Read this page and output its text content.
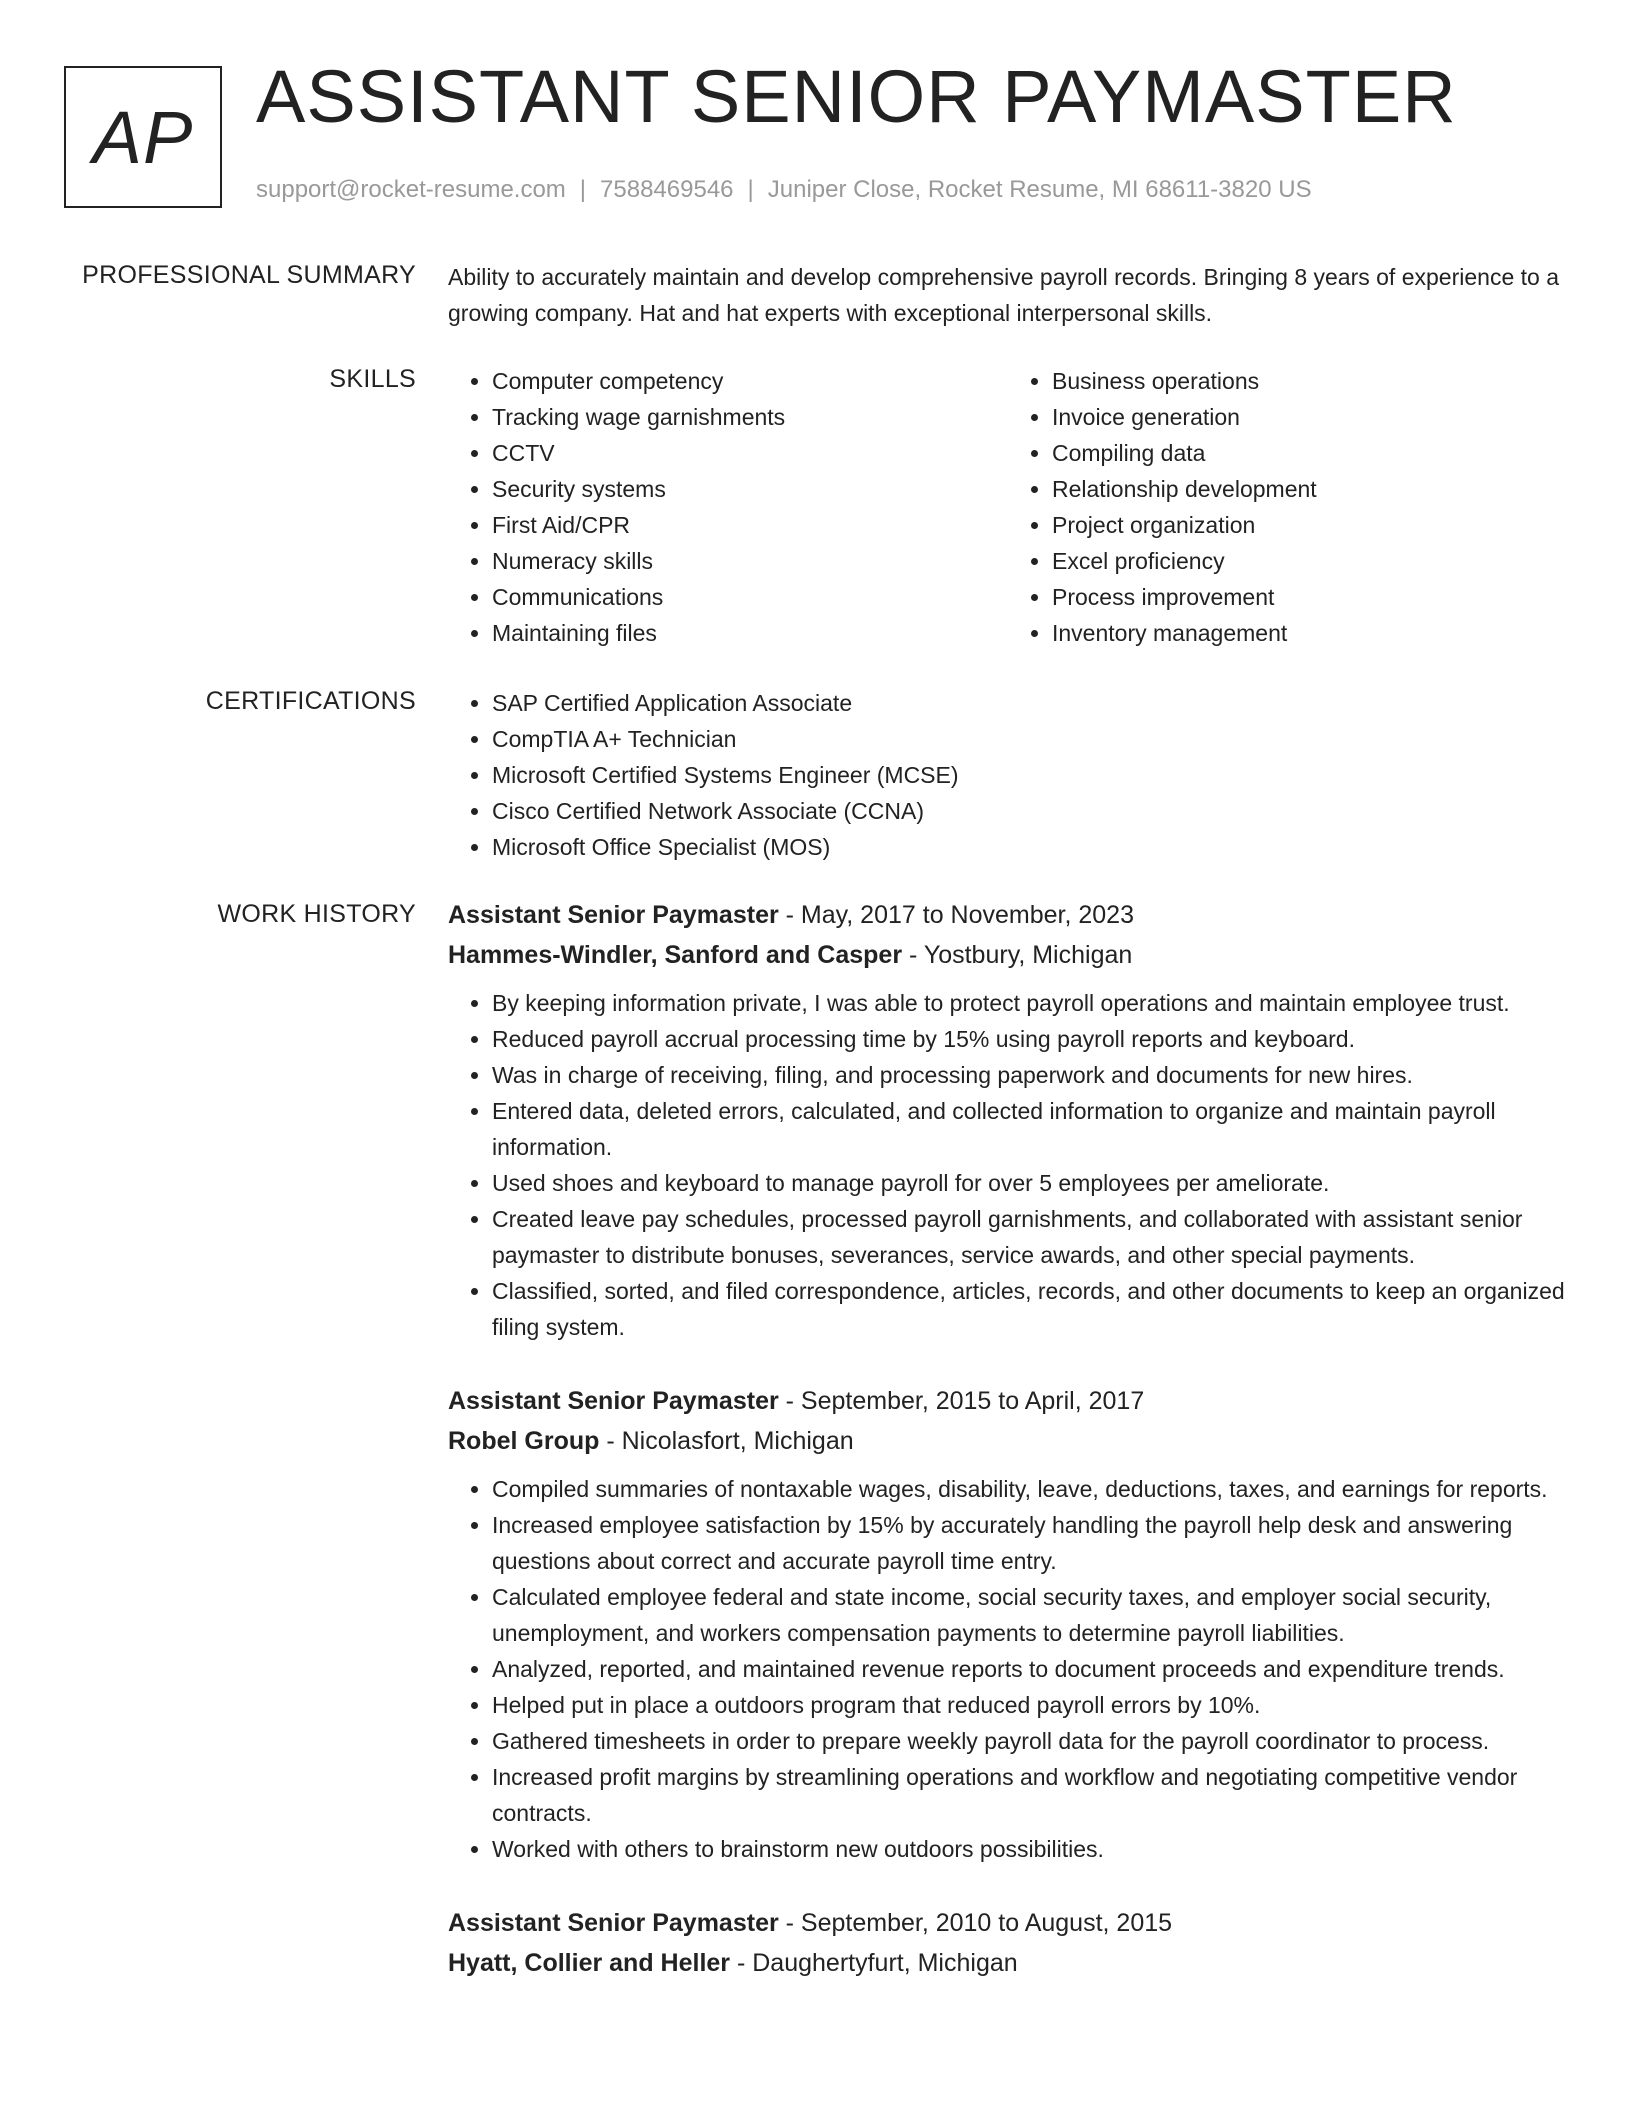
AP ASSISTANT SENIOR PAYMASTER
support@rocket-resume.com | 7588469546 | Juniper Close, Rocket Resume, MI 68611-3820 US
PROFESSIONAL SUMMARY Ability to accurately maintain and develop comprehensive payroll records. Bringing 8 years of experience to a growing company. Hat and hat experts with exceptional interpersonal skills.

SKILLS	• Computer competency
• Tracking wage garnishments
• CCTV
• Security systems
• First Aid/CPR
• Numeracy skills
• Communications
• Maintaining files
• Business operations
• Invoice generation
• Compiling data
• Relationship development
• Project organization
• Excel proficiency
• Process improvement
• Inventory management
CERTIFICATIONS	• SAP Certified Application Associate
• CompTIA A+ Technician
• Microsoft Certified Systems Engineer (MCSE)
• Cisco Certified Network Associate (CCNA)
• Microsoft Office Specialist (MOS)
WORK HISTORY Assistant Senior Paymaster - May, 2017 to November, 2023
Hammes-Windler, Sanford and Casper - Yostbury, Michigan
• By keeping information private, I was able to protect payroll operations and maintain employee trust.
• Reduced payroll accrual processing time by 15% using payroll reports and keyboard.
• Was in charge of receiving, filing, and processing paperwork and documents for new hires.
• Entered data, deleted errors, calculated, and collected information to organize and maintain payroll information.
• Used shoes and keyboard to manage payroll for over 5 employees per ameliorate.
• Created leave pay schedules, processed payroll garnishments, and collaborated with assistant senior paymaster to distribute bonuses, severances, service awards, and other special payments.
• Classified, sorted, and filed correspondence, articles, records, and other documents to keep an organized filing system.
Assistant Senior Paymaster - September, 2015 to April, 2017
Robel Group - Nicolasfort, Michigan
• Compiled summaries of nontaxable wages, disability, leave, deductions, taxes, and earnings for reports.
• Increased employee satisfaction by 15% by accurately handling the payroll help desk and answering questions about correct and accurate payroll time entry.
• Calculated employee federal and state income, social security taxes, and employer social security, unemployment, and workers compensation payments to determine payroll liabilities.
• Analyzed, reported, and maintained revenue reports to document proceeds and expenditure trends.
• Helped put in place a outdoors program that reduced payroll errors by 10%.
• Gathered timesheets in order to prepare weekly payroll data for the payroll coordinator to process.
• Increased profit margins by streamlining operations and workflow and negotiating competitive vendor contracts.
• Worked with others to brainstorm new outdoors possibilities.
Assistant Senior Paymaster - September, 2010 to August, 2015
Hyatt, Collier and Heller - Daughertyfurt, Michigan
